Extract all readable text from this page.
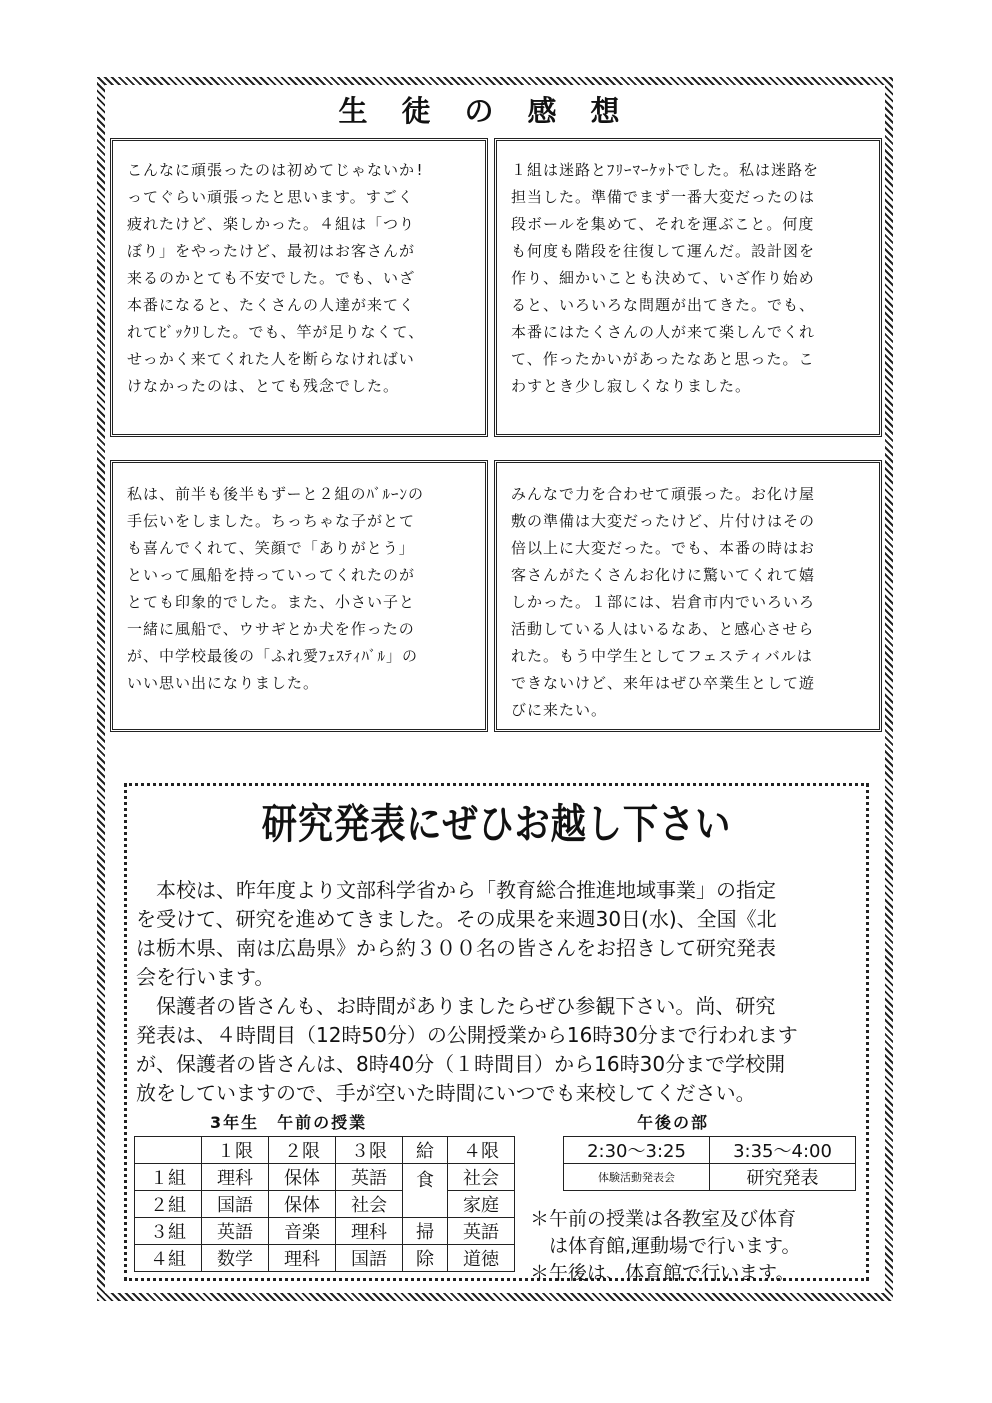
生徒の感想
こんなに頑張ったのは初めてじゃないか!
ってぐらい頑張ったと思います。すごく
疲れたけど、楽しかった。４組は「つり
ぼり」をやったけど、最初はお客さんが
来るのかとても不安でした。でも、いざ
本番になると、たくさんの人達が来てく
れてﾋﾞｯｸﾘした。でも、竿が足りなくて、
せっかく来てくれた人を断らなければい
けなかったのは、とても残念でした。
１組は迷路とﾌﾘｰﾏｰｹｯﾄでした。私は迷路を
担当した。準備でまず一番大変だったのは
段ボールを集めて、それを運ぶこと。何度
も何度も階段を往復して運んだ。設計図を
作り、細かいことも決めて、いざ作り始め
ると、いろいろな問題が出てきた。でも、
本番にはたくさんの人が来て楽しんでくれ
て、作ったかいがあったなあと思った。こ
わすとき少し寂しくなりました。
私は、前半も後半もずーと２組のﾊﾞﾙｰﾝの
手伝いをしました。ちっちゃな子がとて
も喜んでくれて、笑顔で「ありがとう」
といって風船を持っていってくれたのが
とても印象的でした。また、小さい子と
一緒に風船で、ウサギとか犬を作ったの
が、中学校最後の「ふれ愛ﾌｪｽﾃｨﾊﾞﾙ」の
いい思い出になりました。
みんなで力を合わせて頑張った。お化け屋
敷の準備は大変だったけど、片付けはその
倍以上に大変だった。でも、本番の時はお
客さんがたくさんお化けに驚いてくれて嬉
しかった。１部には、岩倉市内でいろいろ
活動している人はいるなあ、と感心させら
れた。もう中学生としてフェスティバルは
できないけど、来年はぜひ卒業生として遊
びに来たい。
研究発表にぜひお越し下さい
　本校は、昨年度より文部科学省から「教育総合推進地域事業」の指定
を受けて、研究を進めてきました。その成果を来週30日(水)、全国《北
は栃木県、南は広島県》から約３００名の皆さんをお招きして研究発表
会を行います。
　保護者の皆さんも、お時間がありましたらぜひ参観下さい。尚、研究
発表は、４時間目（12時50分）の公開授業から16時30分まで行われます
が、保護者の皆さんは、8時40分（１時間目）から16時30分まで学校開
放をしていますので、手が空いた時間にいつでも来校してください。
3年生　午前の授業
	１限	２限	３限	給	４限
１組	理科	保体	英語	食	社会
２組	国語	保体	社会		家庭
３組	英語	音楽	理科	掃	英語
４組	数学	理科	国語	除	道徳
午後の部
2:30～3:25	3:35～4:00
体験活動発表会	研究発表
＊午前の授業は各教室及び体育
　は体育館,運動場で行います。
＊午後は、体育館で行います。
